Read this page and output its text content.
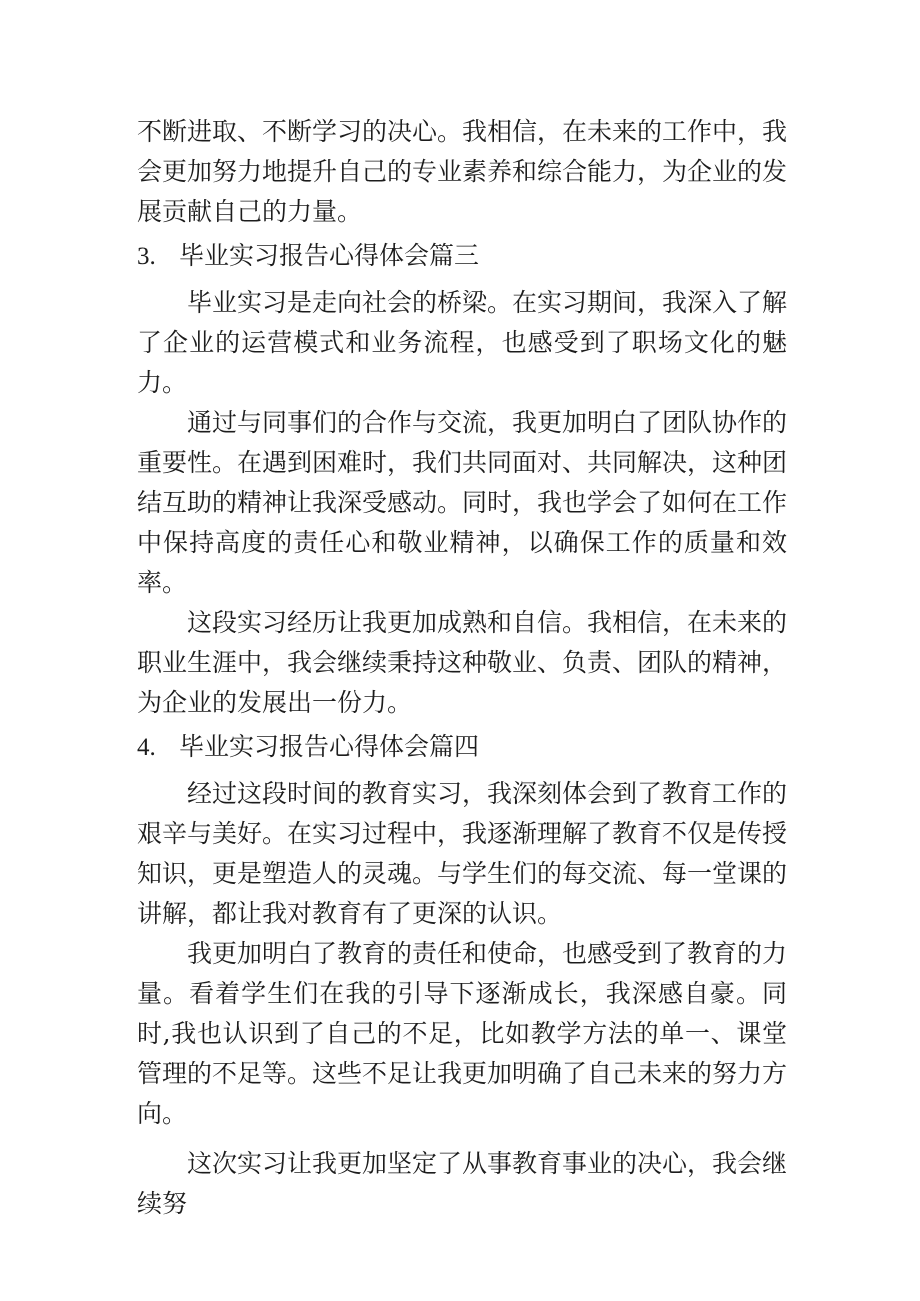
不断进取、不断学习的决心。我相信，在未来的工作中，我会更加努力地提升自己的专业素养和综合能力，为企业的发展贡献自己的力量。

3. 毕业实习报告心得体会篇三

毕业实习是走向社会的桥梁。在实习期间，我深入了解了企业的运营模式和业务流程，也感受到了职场文化的魅力。

通过与同事们的合作与交流，我更加明白了团队协作的重要性。在遇到困难时，我们共同面对、共同解决，这种团结互助的精神让我深受感动。同时，我也学会了如何在工作中保持高度的责任心和敬业精神，以确保工作的质量和效率。

这段实习经历让我更加成熟和自信。我相信，在未来的职业生涯中，我会继续秉持这种敬业、负责、团队的精神，为企业的发展出一份力。

4. 毕业实习报告心得体会篇四

经过这段时间的教育实习，我深刻体会到了教育工作的艰辛与美好。在实习过程中，我逐渐理解了教育不仅是传授知识，更是塑造人的灵魂。与学生们的每交流、每一堂课的讲解，都让我对教育有了更深的认识。

我更加明白了教育的责任和使命，也感受到了教育的力量。看着学生们在我的引导下逐渐成长，我深感自豪。同时,我也认识到了自己的不足，比如教学方法的单一、课堂管理的不足等。这些不足让我更加明确了自己未来的努力方向。

这次实习让我更加坚定了从事教育事业的决心，我会继续努
